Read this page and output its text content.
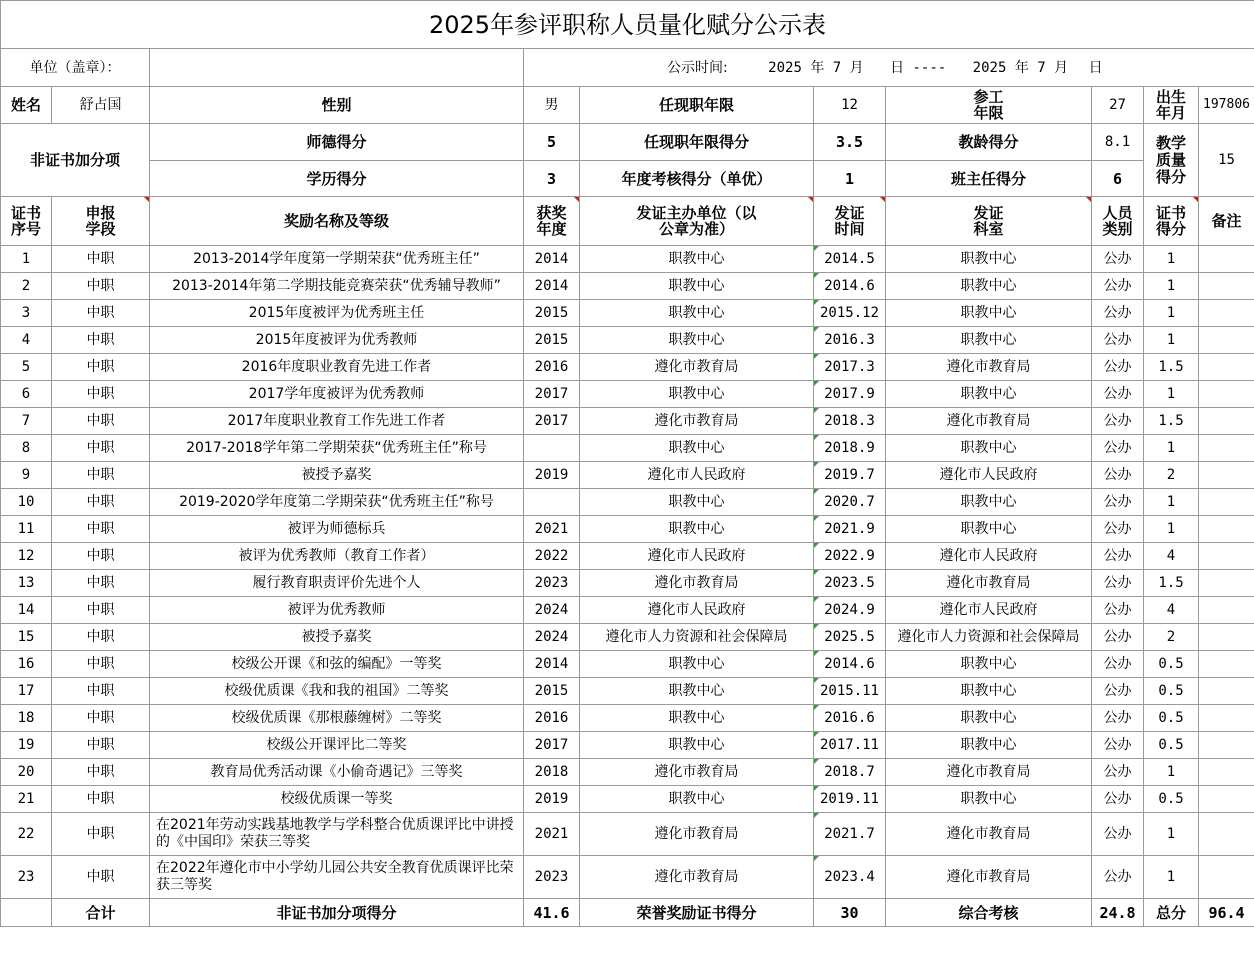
2025年参评职称人员量化赋分公示表									
单位（盖章）：			公示时间: 2025 年 7 月 日 ---- 2025 年 7 月 日						
姓名	舒占国	性别	男	任现职年限	12	参工年限	27	出生年月	197806
非证书加分项		师德得分	5	任现职年限得分	3.5	教龄得分	8.1	教学质量得分	15
		学历得分	3	年度考核得分（单优）	1	班主任得分	6		

证书序号	申报学段	奖励名称及等级	获奖年度	发证主办单位（以公章为准）	发证时间	发证科室	人员类别	证书得分	备注
1	中职	2013-2014学年度第一学期荣获“优秀班主任”	2014	职教中心	2014.5	职教中心	公办	1	
2	中职	2013-2014年第二学期技能竞赛荣获“优秀辅导教师”	2014	职教中心	2014.6	职教中心	公办	1	
3	中职	2015年度被评为优秀班主任	2015	职教中心	2015.12	职教中心	公办	1	
4	中职	2015年度被评为优秀教师	2015	职教中心	2016.3	职教中心	公办	1	
5	中职	2016年度职业教育先进工作者	2016	遵化市教育局	2017.3	遵化市教育局	公办	1.5	
6	中职	2017学年度被评为优秀教师	2017	职教中心	2017.9	职教中心	公办	1	
7	中职	2017年度职业教育工作先进工作者	2017	遵化市教育局	2018.3	遵化市教育局	公办	1.5	
8	中职	2017-2018学年第二学期荣获“优秀班主任”称号		职教中心	2018.9	职教中心	公办	1	
9	中职	被授予嘉奖	2019	遵化市人民政府	2019.7	遵化市人民政府	公办	2	
10	中职	2019-2020学年度第二学期荣获“优秀班主任”称号		职教中心	2020.7	职教中心	公办	1	
11	中职	被评为师德标兵	2021	职教中心	2021.9	职教中心	公办	1	
12	中职	被评为优秀教师（教育工作者）	2022	遵化市人民政府	2022.9	遵化市人民政府	公办	4	
13	中职	履行教育职责评价先进个人	2023	遵化市教育局	2023.5	遵化市教育局	公办	1.5	
14	中职	被评为优秀教师	2024	遵化市人民政府	2024.9	遵化市人民政府	公办	4	
15	中职	被授予嘉奖	2024	遵化市人力资源和社会保障局	2025.5	遵化市人力资源和社会保障局	公办	2	
16	中职	校级公开课《和弦的编配》一等奖	2014	职教中心	2014.6	职教中心	公办	0.5	
17	中职	校级优质课《我和我的祖国》二等奖	2015	职教中心	2015.11	职教中心	公办	0.5	
18	中职	校级优质课《那根藤缠树》二等奖	2016	职教中心	2016.6	职教中心	公办	0.5	
19	中职	校级公开课评比二等奖	2017	职教中心	2017.11	职教中心	公办	0.5	
20	中职	教育局优秀活动课《小偷奇遇记》三等奖	2018	遵化市教育局	2018.7	遵化市教育局	公办	1	
21	中职	校级优质课一等奖	2019	职教中心	2019.11	职教中心	公办	0.5	
22	中职	在2021年劳动实践基地教学与学科整合优质课评比中讲授的《中国印》荣获三等奖	2021	遵化市教育局	2021.7	遵化市教育局	公办	1	
23	中职	在2022年遵化市中小学幼儿园公共安全教育优质课评比荣获三等奖	2023	遵化市教育局	2023.4	遵化市教育局	公办	1	
	合计	非证书加分项得分	41.6	荣誉奖励证书得分	30	综合考核	24.8	总分	96.4
